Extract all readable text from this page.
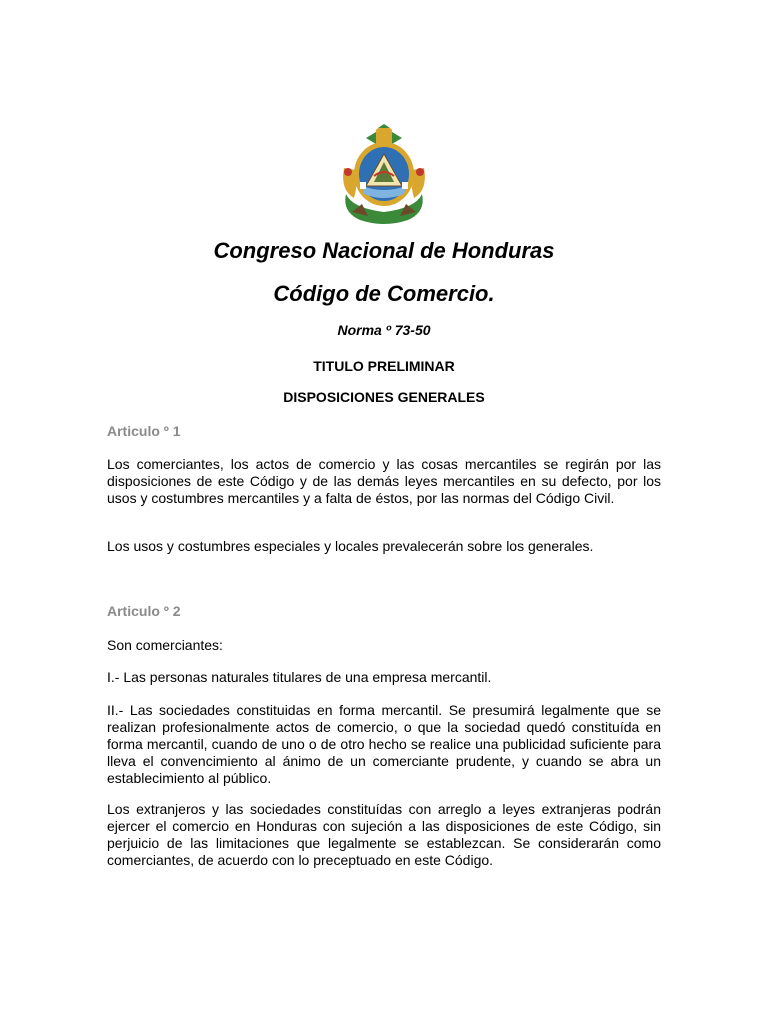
Congreso Nacional de Honduras
Código de Comercio.
Norma º 73-50
TITULO PRELIMINAR
DISPOSICIONES GENERALES
Articulo º 1
Los comerciantes, los actos de comercio y las cosas mercantiles se regirán por las disposiciones de este Código y de las demás leyes mercantiles en su defecto, por los usos y costumbres mercantiles y a falta de éstos, por las normas del Código Civil.
Los usos y costumbres especiales y locales prevalecerán sobre los generales.
Articulo º 2
Son comerciantes:
I.- Las personas naturales titulares de una empresa mercantil.
II.- Las sociedades constituidas en forma mercantil. Se presumirá legalmente que se realizan profesionalmente actos de comercio, o que la sociedad quedó constituída en forma mercantil, cuando de uno o de otro hecho se realice una publicidad suficiente para lleva el convencimiento al ánimo de un comerciante prudente, y cuando se abra un establecimiento al público.
Los extranjeros y las sociedades constituídas con arreglo a leyes extranjeras podrán ejercer el comercio en Honduras con sujeción a las disposiciones de este Código, sin perjuicio de las limitaciones que legalmente se establezcan. Se considerarán como comerciantes, de acuerdo con lo preceptuado en este Código.
